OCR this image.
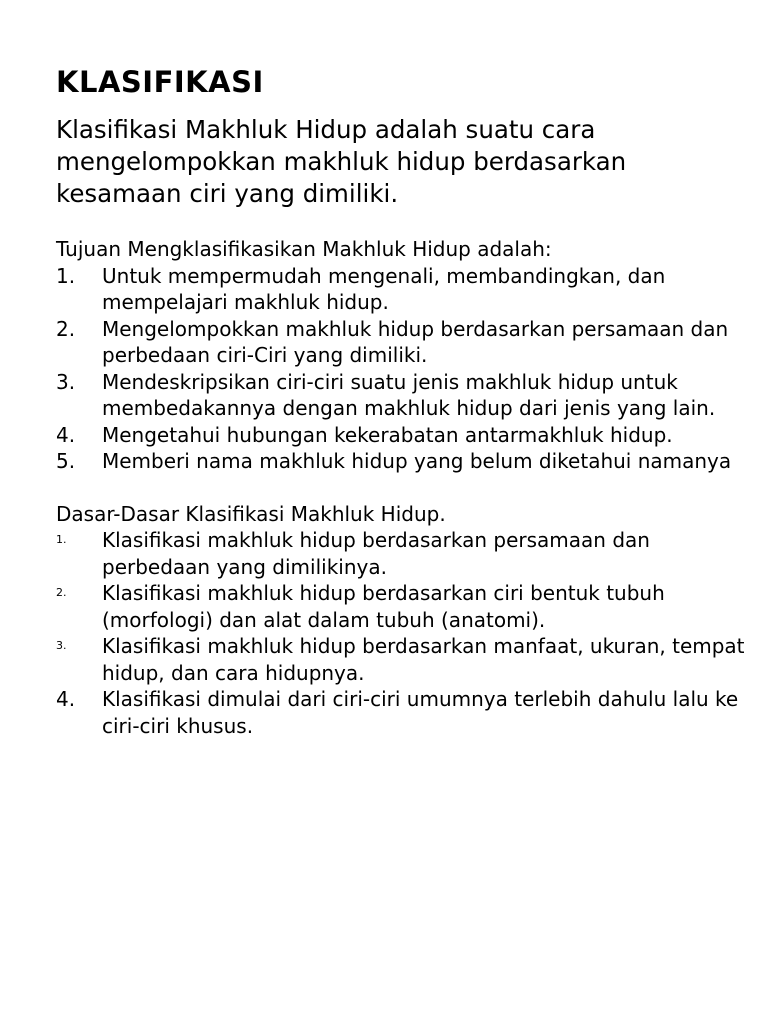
KLASIFIKASI

Klasifikasi Makhluk Hidup adalah suatu cara mengelompokkan makhluk hidup berdasarkan kesamaan ciri yang dimiliki.

Tujuan Mengklasifikasikan Makhluk Hidup adalah:

1. Untuk mempermudah mengenali, membandingkan, dan mempelajari makhluk hidup.
2. Mengelompokkan makhluk hidup berdasarkan persamaan dan perbedaan ciri-Ciri yang dimiliki.
3. Mendeskripsikan ciri-ciri suatu jenis makhluk hidup untuk membedakannya dengan makhluk hidup dari jenis yang lain.
4. Mengetahui hubungan kekerabatan antarmakhluk hidup.
5. Memberi nama makhluk hidup yang belum diketahui namanya

Dasar-Dasar Klasifikasi Makhluk Hidup.

1. Klasifikasi makhluk hidup berdasarkan persamaan dan perbedaan yang dimilikinya.
2. Klasifikasi makhluk hidup berdasarkan ciri bentuk tubuh (morfologi) dan alat dalam tubuh (anatomi).
3. Klasifikasi makhluk hidup berdasarkan manfaat, ukuran, tempat hidup, dan cara hidupnya.
4. Klasifikasi dimulai dari ciri-ciri umumnya terlebih dahulu lalu ke ciri-ciri khusus.
